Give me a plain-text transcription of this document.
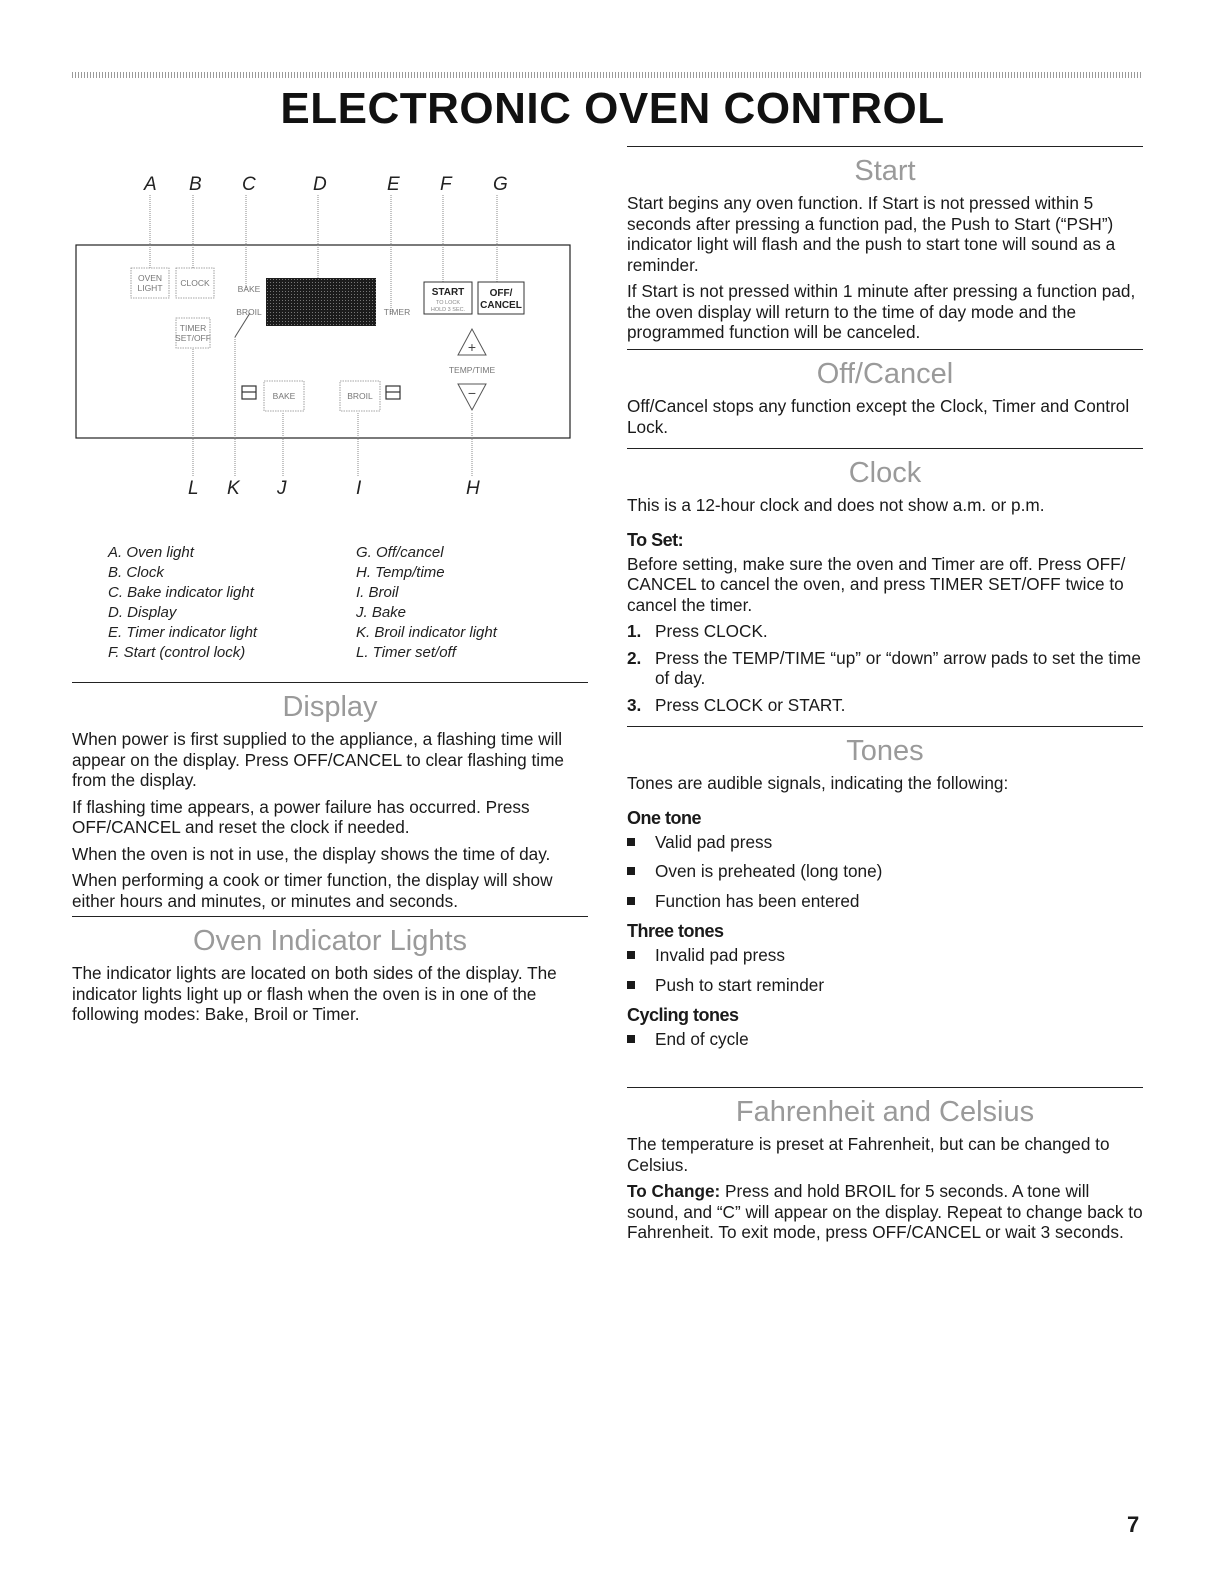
ELECTRONIC OVEN CONTROL
A B C	D	E F G
OVEN
LIGHT CLOCK
TIMER
SET/OFF
BAKE
BROIL	TIMER
BAKE	BROIL
TEMP/TIME
START
TO LOCK
HOLD 3 SEC.
OFF/
CANCEL
+
−
L K J	I	H
A. Oven light
B. Clock
C. Bake indicator light
D. Display
E. Timer indicator light
F. Start (control lock)
G. Off/cancel
H. Temp/time
I. Broil
J. Bake
K. Broil indicator light
L. Timer set/off
Display

When power is first supplied to the appliance, a flashing time will appear on the display. Press OFF/CANCEL to clear flashing time from the display.

If flashing time appears, a power failure has occurred. Press OFF/CANCEL and reset the clock if needed.

When the oven is not in use, the display shows the time of day.

When performing a cook or timer function, the display will show either hours and minutes, or minutes and seconds.

Oven Indicator Lights

The indicator lights are located on both sides of the display. The indicator lights light up or flash when the oven is in one of the following modes: Bake, Broil or Timer.

Start

Start begins any oven function. If Start is not pressed within 5 seconds after pressing a function pad, the Push to Start (“PSH”) indicator light will flash and the push to start tone will sound as a reminder.

If Start is not pressed within 1 minute after pressing a function pad, the oven display will return to the time of day mode and the programmed function will be canceled.

Off/Cancel

Off/Cancel stops any function except the Clock, Timer and Control Lock.

Clock

This is a 12-hour clock and does not show a.m. or p.m.

To Set:

Before setting, make sure the oven and Timer are off. Press OFF/ CANCEL to cancel the oven, and press TIMER SET/OFF twice to cancel the timer.

1. Press CLOCK.
2. Press the TEMP/TIME “up” or “down” arrow pads to set the time of day.
3. Press CLOCK or START.
Tones

Tones are audible signals, indicating the following:

One tone
Valid pad press
Oven is preheated (long tone)
Function has been entered
Three tones
Invalid pad press
Push to start reminder
Cycling tones
End of cycle
Fahrenheit and Celsius

The temperature is preset at Fahrenheit, but can be changed to Celsius.

To Change: Press and hold BROIL for 5 seconds. A tone will sound, and “C” will appear on the display. Repeat to change back to Fahrenheit. To exit mode, press OFF/CANCEL or wait 3 seconds.

7
